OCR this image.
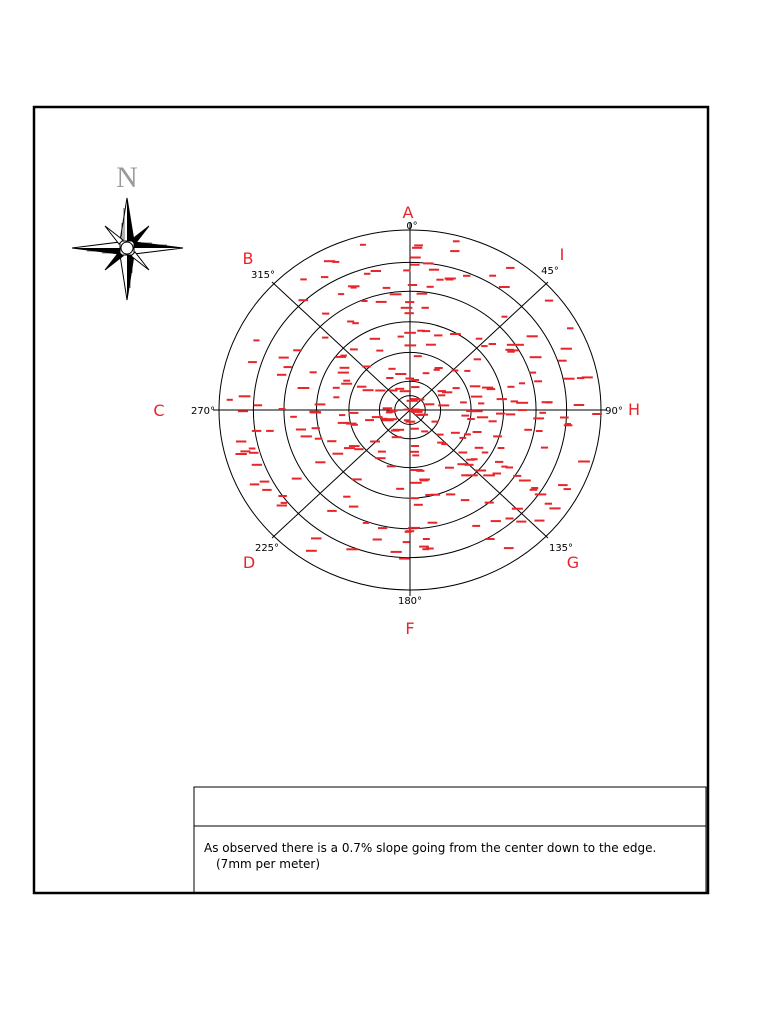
N
A
0°
I
45°
90° H
135°
G
180°
F
225°
D
C	270°
B
315°

As observed there is a 0.7% slope going from the center down to the edge.
(7mm per meter)
